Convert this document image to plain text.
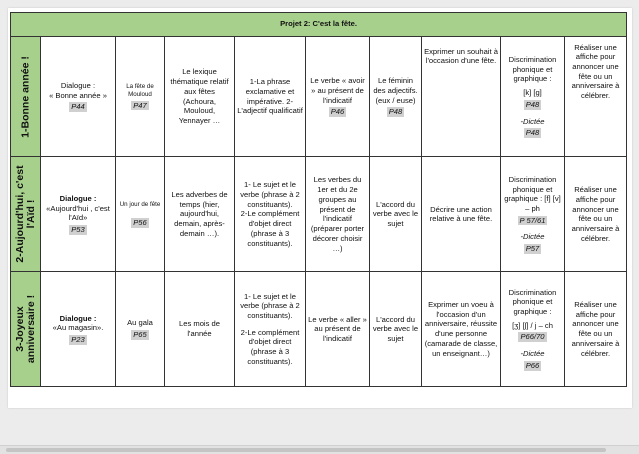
Projet 2: C'est la fête.									

1-Bonne année !	Dialogue :
« Bonne année »
P44	La fête de Mouloud
P47	Le lexique thématique relatif aux fêtes (Achoura, Mouloud, Yennayer …	1-La phrase exclamative et impérative. 2- L'adjectif qualificatif	Le verbe « avoir » au présent de l'indicatif
P46	Le féminin des adjectifs. (eux / euse)
P48	Exprimer un souhait à l'occasion d'une fête.	Discrimination phonique et graphique :
[k] [g]
P48
-Dictée
P48	Réaliser une affiche pour annoncer une fête ou un anniversaire à célébrer.

2-Aujourd'hui, c'est l'Aïd !	Dialogue :
«Aujourd'hui , c'est l'Aïd»
P53	Un jour de fête
P56	Les adverbes de temps (hier, aujourd'hui, demain, après-demain …).	1- Le sujet et le verbe (phrase à 2 constituants).
2-Le complément d'objet direct (phrase à 3 constituants).	Les verbes du 1er et du 2e groupes au présent de l'indicatif (préparer porter décorer choisir …)	L'accord du verbe avec le sujet	Décrire une action relative à une fête.	Discrimination phonique et graphique : [f] [v] – ph
P 57/61
-Dictée
P57	Réaliser une affiche pour annoncer une fête ou un anniversaire à célébrer.

3-Joyeux anniversaire !	Dialogue :
«Au magasin».
P23	Au gala
P65	Les mois de l'année	1- Le sujet et le verbe (phrase à 2 constituants).
2-Le complément d'objet direct (phrase à 3 constituants).	Le verbe « aller » au présent de l'indicatif	L'accord du verbe avec le sujet	Exprimer un voeu à l'occasion d'un anniversaire, réussite d'une personne (camarade de classe, un enseignant…)	Discrimination phonique et graphique :
[ʒ] [ʃ] / j – ch
P66/70
-Dictée
P66	Réaliser une affiche pour annoncer une fête ou un anniversaire à célébrer.
